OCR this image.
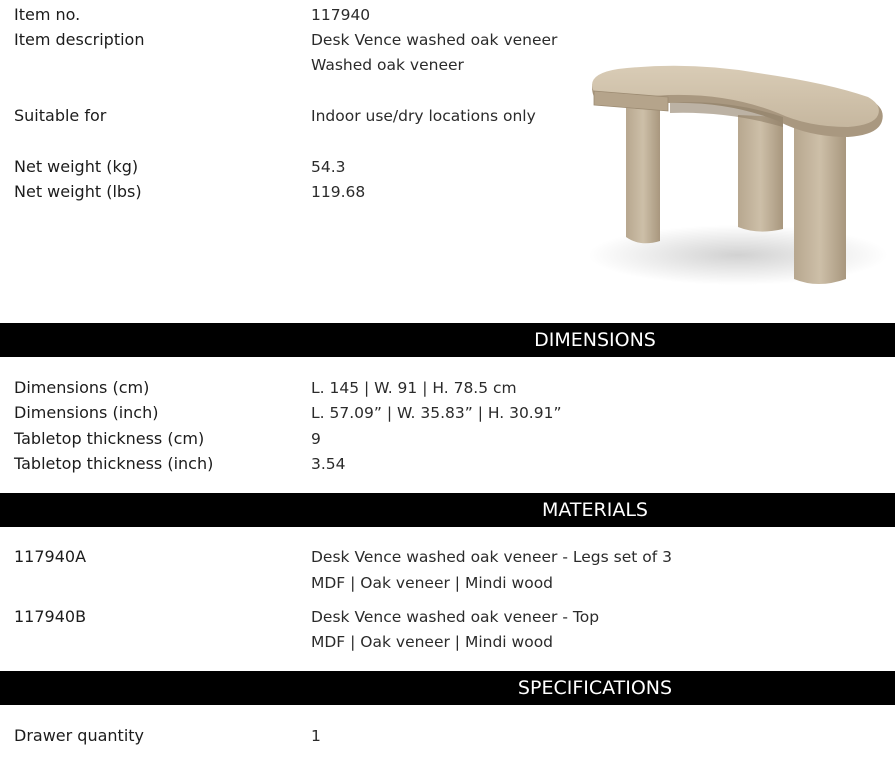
Item no.	117940
Item description	Desk Vence washed oak veneer
Washed oak veneer
Suitable for	Indoor use/dry locations only
Net weight (kg)	54.3
Net weight (lbs)	119.68
DIMENSIONS
Dimensions (cm)	L. 145 | W. 91 | H. 78.5 cm
Dimensions (inch)	L. 57.09” | W. 35.83” | H. 30.91”
Tabletop thickness (cm)	9
Tabletop thickness (inch)	3.54
MATERIALS
117940A	Desk Vence washed oak veneer - Legs set of 3
MDF | Oak veneer | Mindi wood
117940B	Desk Vence washed oak veneer - Top
MDF | Oak veneer | Mindi wood
SPECIFICATIONS
Drawer quantity	1
